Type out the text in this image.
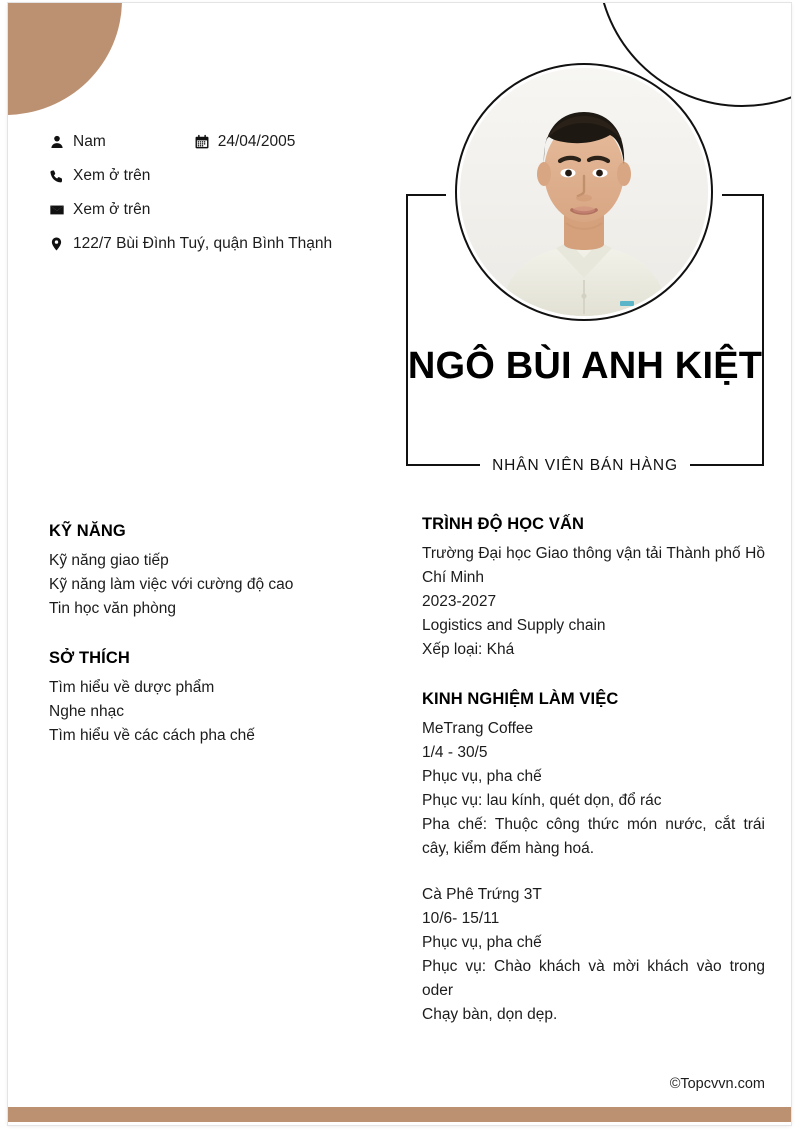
Nam	24/04/2005
Xem ở trên
Xem ở trên
122/7 Bùi Đình Tuý, quận Bình Thạnh
NGÔ BÙI ANH KIỆT
NHÂN VIÊN BÁN HÀNG
KỸ NĂNG

Kỹ năng giao tiếp

Kỹ năng làm việc với cường độ cao

Tin học văn phòng

SỞ THÍCH

Tìm hiểu về dược phẩm

Nghe nhạc

Tìm hiểu về các cách pha chế

TRÌNH ĐỘ HỌC VẤN

Trường Đại học Giao thông vận tải Thành phố Hồ Chí Minh

2023-2027

Logistics and Supply chain

Xếp loại: Khá

KINH NGHIỆM LÀM VIỆC

MeTrang Coffee

1/4 - 30/5

Phục vụ, pha chế

Phục vụ: lau kính, quét dọn, đổ rác

Pha chế: Thuộc công thức món nước, cắt trái cây, kiểm đếm hàng hoá.

Cà Phê Trứng 3T

10/6- 15/11

Phục vụ, pha chế

Phục vụ: Chào khách và mời khách vào trong oder

Chạy bàn, dọn dẹp.

©Topcvvn.com
